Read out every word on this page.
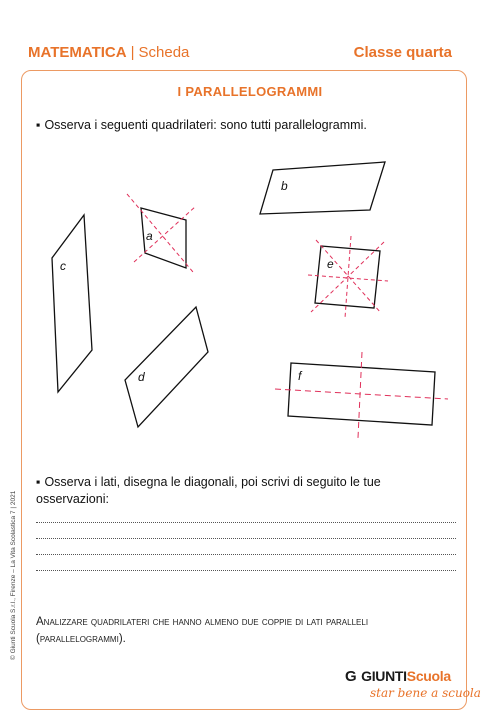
MATEMATICA | Scheda	Classe quarta
I PARALLELOGRAMMI
▪ Osserva i seguenti quadrilateri: sono tutti parallelogrammi.
b
a
c	e
d	f
▪ Osserva i lati, disegna le diagonali, poi scrivi di seguito le tue osservazioni:
Analizzare quadrilateri che hanno almeno due coppie di lati paralleli (parallelogrammi).
© Giunti Scuola S.r.l., Firenze – La Vita Scolastica 7 | 2021
G GIUNTIScuola
star bene a scuola
